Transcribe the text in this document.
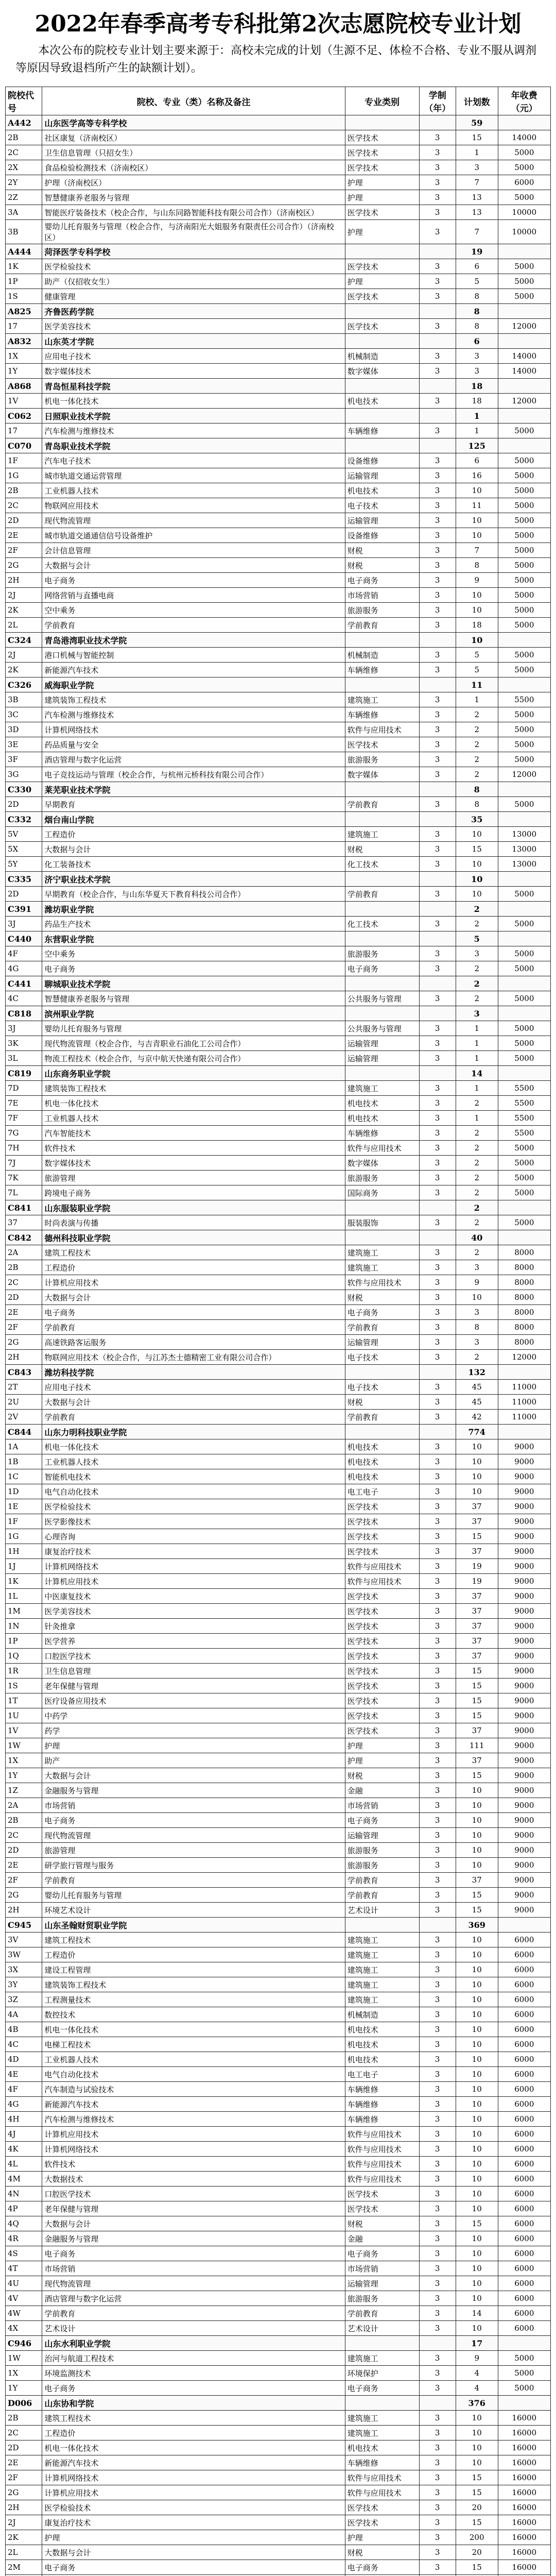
2022年春季高考专科批第2次志愿院校专业计划
本次公布的院校专业计划主要来源于：高校未完成的计划（生源不足、体检不合格、专业不服从调剂等原因导致退档所产生的缺额计划）。
院校代号	院校、专业（类）名称及备注	专业类别	学制（年）	计划数	年收费（元）
A442	山东医学高等专科学校			59	
2B	社区康复（济南校区）	医学技术	3	15	14000
2C	卫生信息管理（只招女生）	医学技术	3	1	5000
2X	食品检验检测技术（济南校区）	医学技术	3	3	5000
2Y	护理（济南校区）	护理	3	7	6000
2Z	智慧健康养老服务与管理	护理	3	13	5000
3A	智能医疗装备技术（校企合作，与山东同路智能科技有限公司合作）（济南校区）	医学技术	3	13	10000
3B	婴幼儿托育服务与管理（校企合作，与济南阳光大姐服务有限责任公司合作）（济南校区）	护理	3	7	10000
A444	菏泽医学专科学校			19	
1K	医学检验技术	医学技术	3	6	5000
1P	助产（仅招收女生）	护理	3	5	5000
1S	健康管理	医学技术	3	8	5000
A825	齐鲁医药学院			8	
17	医学美容技术	医学技术	3	8	12000
A832	山东英才学院			6	
1X	应用电子技术	机械制造	3	3	14000
1Y	数字媒体技术	数字媒体	3	3	14000
A868	青岛恒星科技学院			18	
1V	机电一体化技术	机电技术	3	18	12000
C062	日照职业技术学院			1	
17	汽车检测与维修技术	车辆维修	3	1	5000
C070	青岛职业技术学院			125	
1F	汽车电子技术	设备维修	3	6	5000
1G	城市轨道交通运营管理	运输管理	3	16	5000
2B	工业机器人技术	机电技术	3	10	5000
2C	物联网应用技术	电子技术	3	11	5000
2D	现代物流管理	运输管理	3	10	5000
2E	城市轨道交通通信信号设备维护	设备维修	3	10	5000
2F	会计信息管理	财税	3	7	5000
2G	大数据与会计	财税	3	8	5000
2H	电子商务	电子商务	3	9	5000
2J	网络营销与直播电商	市场营销	3	10	5000
2K	空中乘务	旅游服务	3	10	5000
2L	学前教育	学前教育	3	18	5000
C324	青岛港湾职业技术学院			10	
2J	港口机械与智能控制	机械制造	3	5	5000
2K	新能源汽车技术	车辆维修	3	5	5000
C326	威海职业学院			11	
3B	建筑装饰工程技术	建筑施工	3	1	5500
3C	汽车检测与维修技术	车辆维修	3	2	5000
3D	计算机网络技术	软件与应用技术	3	2	5000
3E	药品质量与安全	医学技术	3	2	5000
3F	酒店管理与数字化运营	旅游服务	3	2	5000
3G	电子竞技运动与管理（校企合作，与杭州元桥科技有限公司合作）	数字媒体	3	2	12000
C330	莱芜职业技术学院			8	
2D	早期教育	学前教育	3	8	5000
C332	烟台南山学院			35	
5V	工程造价	建筑施工	3	10	13000
5X	大数据与会计	财税	3	15	13000
5Y	化工装备技术	化工技术	3	10	13000
C335	济宁职业技术学院			10	
2D	早期教育（校企合作，与山东华夏天下教育科技公司合作）	学前教育	3	10	5000
C391	潍坊职业学院			2	
3J	药品生产技术	化工技术	3	2	5000
C440	东营职业学院			5	
4F	空中乘务	旅游服务	3	3	5000
4G	电子商务	电子商务	3	2	5000
C441	聊城职业技术学院			2	
4C	智慧健康养老服务与管理	公共服务与管理	3	2	5000
C818	滨州职业学院			3	
3J	婴幼儿托育服务与管理	公共服务与管理	3	1	5000
3K	现代物流管理（校企合作，与吉青职业石油化工公司合作）	运输管理	3	1	5000
3L	物流工程技术（校企合作，与京中航天快递有限公司合作）	运输管理	3	1	5000
C819	山东商务职业学院			14	
7D	建筑装饰工程技术	建筑施工	3	1	5500
7E	机电一体化技术	机电技术	3	2	5500
7F	工业机器人技术	机电技术	3	1	5500
7G	汽车智能技术	车辆维修	3	2	5500
7H	软件技术	软件与应用技术	3	2	5000
7J	数字媒体技术	数字媒体	3	2	5000
7K	旅游管理	旅游服务	3	2	5000
7L	跨境电子商务	国际商务	3	2	5000
C841	山东服装职业学院			2	
37	时尚表演与传播	服装服饰	3	2	5000
C842	德州科技职业学院			40	
2A	建筑工程技术	建筑施工	3	2	8000
2B	工程造价	建筑施工	3	3	8000
2C	计算机应用技术	软件与应用技术	3	9	8000
2D	大数据与会计	财税	3	10	8000
2E	电子商务	电子商务	3	3	8000
2F	学前教育	学前教育	3	8	8000
2G	高速铁路客运服务	运输管理	3	3	8000
2H	物联网应用技术（校企合作，与江苏杰士德精密工业有限公司合作）	电子技术	3	2	12000
C843	潍坊科技学院			132	
2T	应用电子技术	电子技术	3	45	11000
2U	大数据与会计	财税	3	45	11000
2V	学前教育	学前教育	3	42	11000
C844	山东力明科技职业学院			774	
1A	机电一体化技术	机电技术	3	10	9000
1B	工业机器人技术	机电技术	3	10	9000
1C	智能机电技术	机电技术	3	10	9000
1D	电气自动化技术	电工电子	3	10	9000
1E	医学检验技术	医学技术	3	37	9000
1F	医学影像技术	医学技术	3	37	9000
1G	心理咨询	医学技术	3	15	9000
1H	康复治疗技术	医学技术	3	37	9000
1J	计算机网络技术	软件与应用技术	3	19	9000
1K	计算机应用技术	软件与应用技术	3	19	9000
1L	中医康复技术	医学技术	3	37	9000
1M	医学美容技术	医学技术	3	37	9000
1N	针灸推拿	医学技术	3	37	9000
1P	医学营养	医学技术	3	37	9000
1Q	口腔医学技术	医学技术	3	37	9000
1R	卫生信息管理	医学技术	3	15	9000
1S	老年保健与管理	医学技术	3	15	9000
1T	医疗设备应用技术	医学技术	3	15	9000
1U	中药学	医学技术	3	15	9000
1V	药学	医学技术	3	37	9000
1W	护理	护理	3	111	9000
1X	助产	护理	3	37	9000
1Y	大数据与会计	财税	3	15	9000
1Z	金融服务与管理	金融	3	10	9000
2A	市场营销	市场营销	3	10	9000
2B	电子商务	电子商务	3	10	9000
2C	现代物流管理	运输管理	3	10	9000
2D	旅游管理	旅游服务	3	10	9000
2E	研学旅行管理与服务	旅游服务	3	10	9000
2F	学前教育	学前教育	3	37	9000
2G	婴幼儿托育服务与管理	学前教育	3	15	9000
2H	环境艺术设计	艺术设计	3	15	9000
C945	山东圣翰财贸职业学院			369	
3V	建筑工程技术	建筑施工	3	10	6000
3W	工程造价	建筑施工	3	10	6000
3X	建设工程管理	建筑施工	3	10	6000
3Y	建筑装饰工程技术	建筑施工	3	10	6000
3Z	工程测量技术	建筑施工	3	10	6000
4A	数控技术	机械制造	3	10	6000
4B	机电一体化技术	机电技术	3	10	6000
4C	电梯工程技术	机电技术	3	10	6000
4D	工业机器人技术	机电技术	3	10	6000
4E	电气自动化技术	电工电子	3	10	6000
4F	汽车制造与试验技术	车辆维修	3	10	6000
4G	新能源汽车技术	车辆维修	3	10	6000
4H	汽车检测与维修技术	车辆维修	3	10	6000
4J	计算机应用技术	软件与应用技术	3	10	6000
4K	计算机网络技术	软件与应用技术	3	10	6000
4L	软件技术	软件与应用技术	3	10	6000
4M	大数据技术	软件与应用技术	3	10	6000
4N	口腔医学技术	医学技术	3	10	6000
4P	老年保健与管理	医学技术	3	10	6000
4Q	大数据与会计	财税	3	15	6000
4R	金融服务与管理	金融	3	10	6000
4S	电子商务	电子商务	3	10	6000
4T	市场营销	市场营销	3	10	6000
4U	现代物流管理	运输管理	3	10	6000
4V	酒店管理与数字化运营	旅游服务	3	10	6000
4W	学前教育	学前教育	3	14	6000
4X	艺术设计	艺术设计	3	10	6000
C946	山东水利职业学院			17	
1W	治河与航道工程技术	建筑施工	3	9	5000
1X	环境监测技术	环境保护	3	4	5000
1Y	电子商务	电子商务	3	4	5000
D006	山东协和学院			376	
2B	建筑工程技术	建筑施工	3	10	16000
2C	工程造价	建筑施工	3	10	16000
2D	机电一体化技术	机电技术	3	10	16000
2E	新能源汽车技术	车辆维修	3	10	16000
2F	计算机网络技术	软件与应用技术	3	15	16000
2G	计算机应用技术	软件与应用技术	3	15	16000
2H	医学检验技术	医学技术	3	20	16000
2J	康复治疗技术	医学技术	3	15	16000
2K	护理	护理	3	200	16000
2L	大数据与会计	财税	3	20	16000
2M	电子商务	电子商务	3	15	16000
